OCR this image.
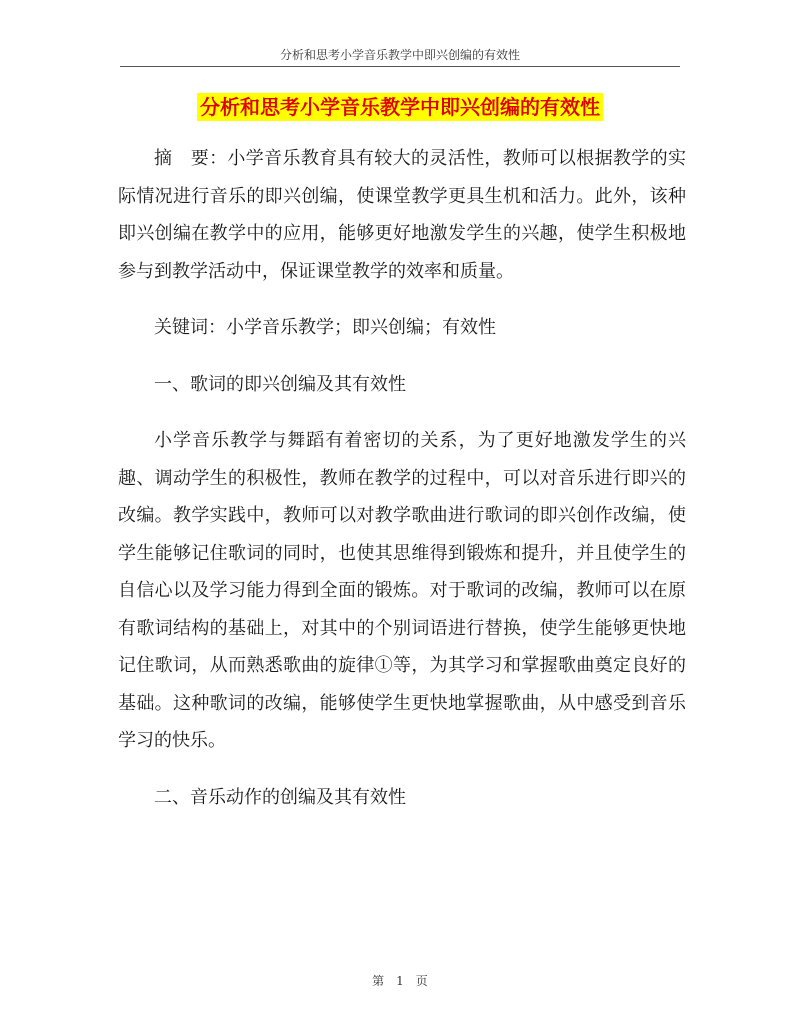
分析和思考小学音乐教学中即兴创编的有效性
分析和思考小学音乐教学中即兴创编的有效性

摘　要：小学音乐教育具有较大的灵活性，教师可以根据教学的实际情况进行音乐的即兴创编，使课堂教学更具生机和活力。此外，该种即兴创编在教学中的应用，能够更好地激发学生的兴趣，使学生积极地参与到教学活动中，保证课堂教学的效率和质量。

关键词：小学音乐教学；即兴创编；有效性

一、歌词的即兴创编及其有效性

小学音乐教学与舞蹈有着密切的关系，为了更好地激发学生的兴趣、调动学生的积极性，教师在教学的过程中，可以对音乐进行即兴的改编。教学实践中，教师可以对教学歌曲进行歌词的即兴创作改编，使学生能够记住歌词的同时，也使其思维得到锻炼和提升，并且使学生的自信心以及学习能力得到全面的锻炼。对于歌词的改编，教师可以在原有歌词结构的基础上，对其中的个别词语进行替换，使学生能够更快地记住歌词，从而熟悉歌曲的旋律①等，为其学习和掌握歌曲奠定良好的基础。这种歌词的改编，能够使学生更快地掌握歌曲，从中感受到音乐学习的快乐。

二、音乐动作的创编及其有效性

第　1　页
